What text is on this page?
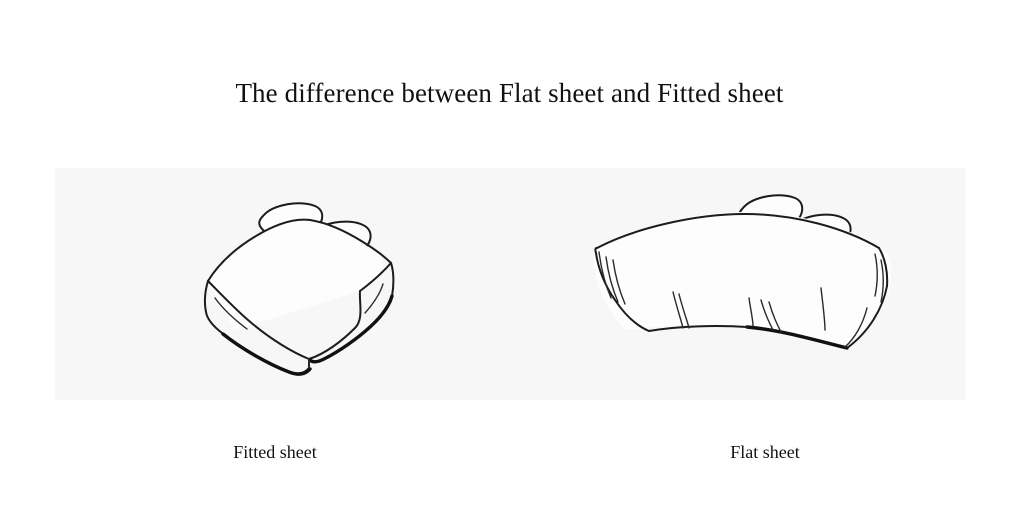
The difference between Flat sheet and Fitted sheet
Fitted sheet	Flat sheet
